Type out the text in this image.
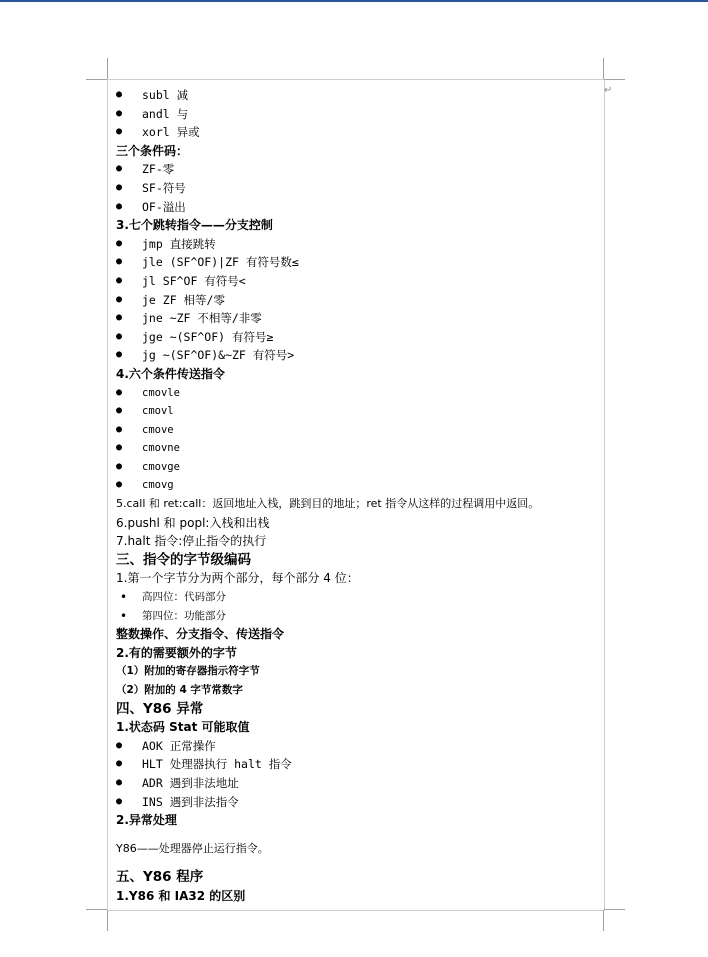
↵
● subl 减
● andl 与
● xorl 异或
三个条件码：
● ZF-零
● SF-符号
● OF-溢出
3.七个跳转指令——分支控制
● jmp 直接跳转
● jle (SF^OF)|ZF 有符号数≤
● jl SF^OF 有符号<
● je ZF 相等/零
● jne ~ZF 不相等/非零
● jge ~(SF^OF) 有符号≥
● jg ~(SF^OF)&~ZF 有符号>
4.六个条件传送指令
● cmovle
● cmovl
● cmove
● cmovne
● cmovge
● cmovg
5.call 和 ret:call：返回地址入栈，跳到目的地址；ret 指令从这样的过程调用中返回。
6.pushl 和 popl:入栈和出栈
7.halt 指令:停止指令的执行
三、指令的字节级编码
1.第一个字节分为两个部分，每个部分 4 位：
• 高四位：代码部分
• 第四位：功能部分
整数操作、分支指令、传送指令
2.有的需要额外的字节
（1）附加的寄存器指示符字节
（2）附加的 4 字节常数字
四、Y86 异常
1.状态码 Stat 可能取值
● AOK 正常操作
● HLT 处理器执行 halt 指令
● ADR 遇到非法地址
● INS 遇到非法指令
2.异常处理
Y86——处理器停止运行指令。
五、Y86 程序
1.Y86 和 IA32 的区别
